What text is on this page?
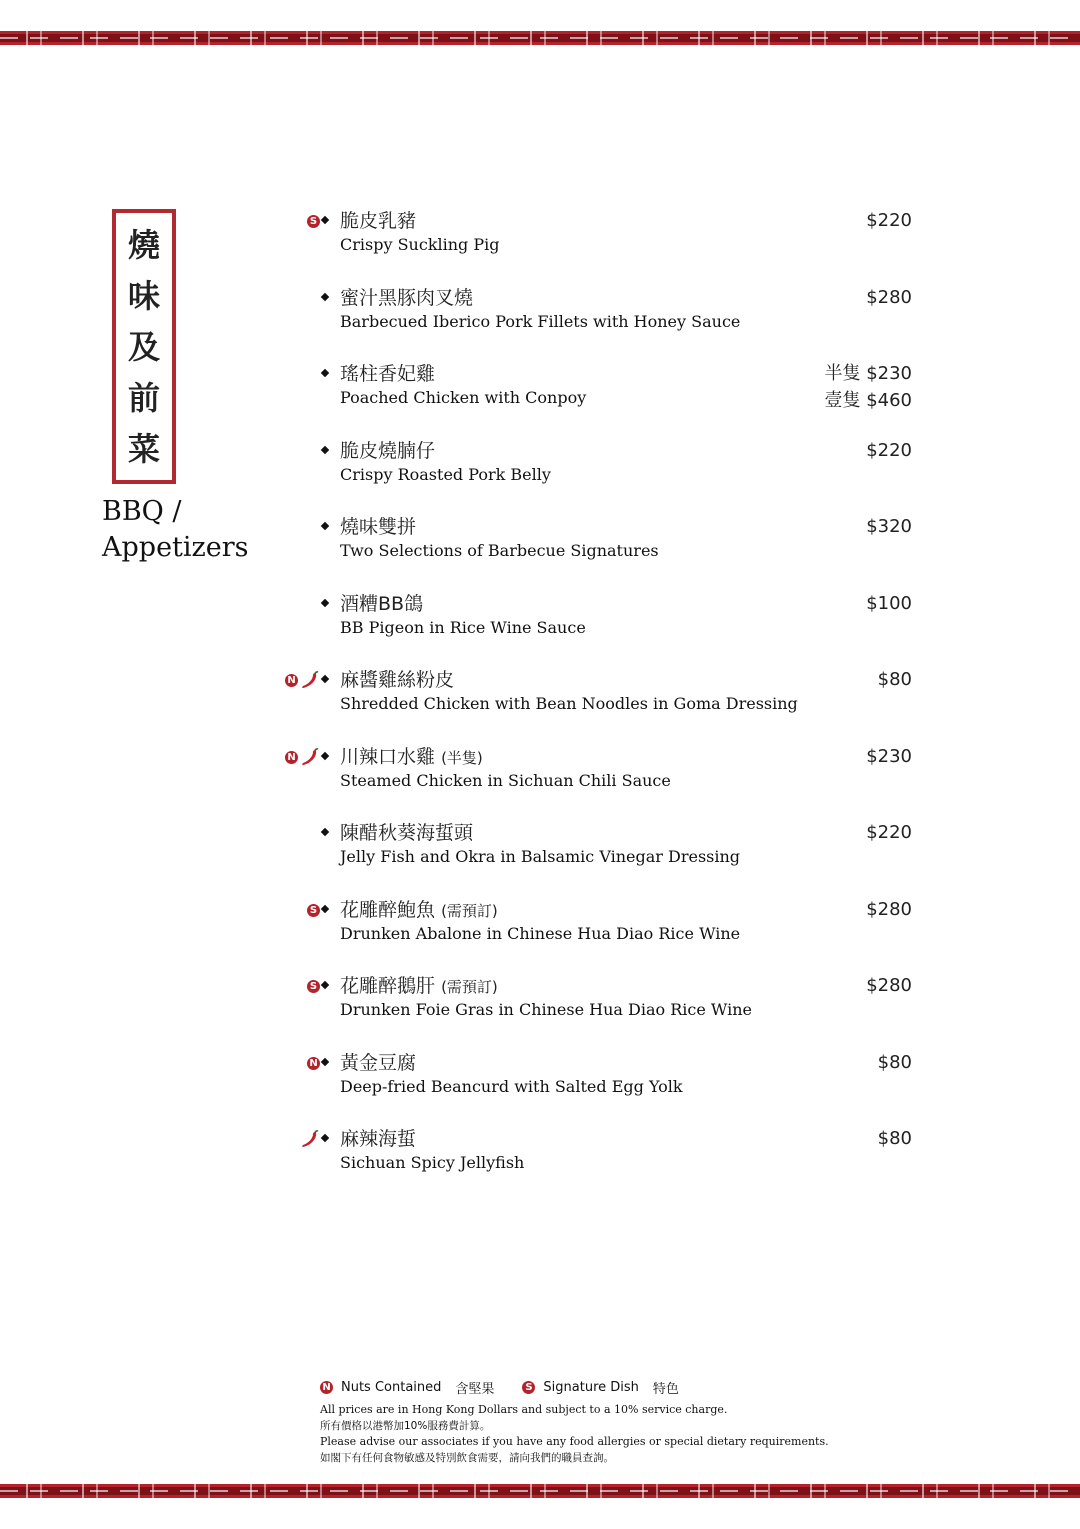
燒
味
及
前
菜
BBQ /
Appetizers
S 脆皮乳豬
Crispy Suckling Pig
$220
蜜汁黑豚肉叉燒
Barbecued Iberico Pork Fillets with Honey Sauce
$280
瑤柱香妃雞
Poached Chicken with Conpoy
半隻 $230
壹隻 $460
脆皮燒腩仔
Crispy Roasted Pork Belly
$220
燒味雙拼
Two Selections of Barbecue Signatures
$320
酒糟BB鴿
BB Pigeon in Rice Wine Sauce
$100
N 麻醬雞絲粉皮
Shredded Chicken with Bean Noodles in Goma Dressing
$80
N 川辣口水雞 (半隻)
Steamed Chicken in Sichuan Chili Sauce
$230
陳醋秋葵海蜇頭
Jelly Fish and Okra in Balsamic Vinegar Dressing
$220
S 花雕醉鮑魚 (需預訂)
Drunken Abalone in Chinese Hua Diao Rice Wine
$280
S 花雕醉鵝肝 (需預訂)
Drunken Foie Gras in Chinese Hua Diao Rice Wine
$280
N 黃金豆腐
Deep-fried Beancurd with Salted Egg Yolk
$80
麻辣海蜇
Sichuan Spicy Jellyfish
$80
N Nuts Contained 含堅果	S Signature Dish 特色
All prices are in Hong Kong Dollars and subject to a 10% service charge.
所有價格以港幣加10%服務費計算。
Please advise our associates if you have any food allergies or special dietary requirements.
如閣下有任何食物敏感及特別飲食需要，請向我們的職員查詢。
